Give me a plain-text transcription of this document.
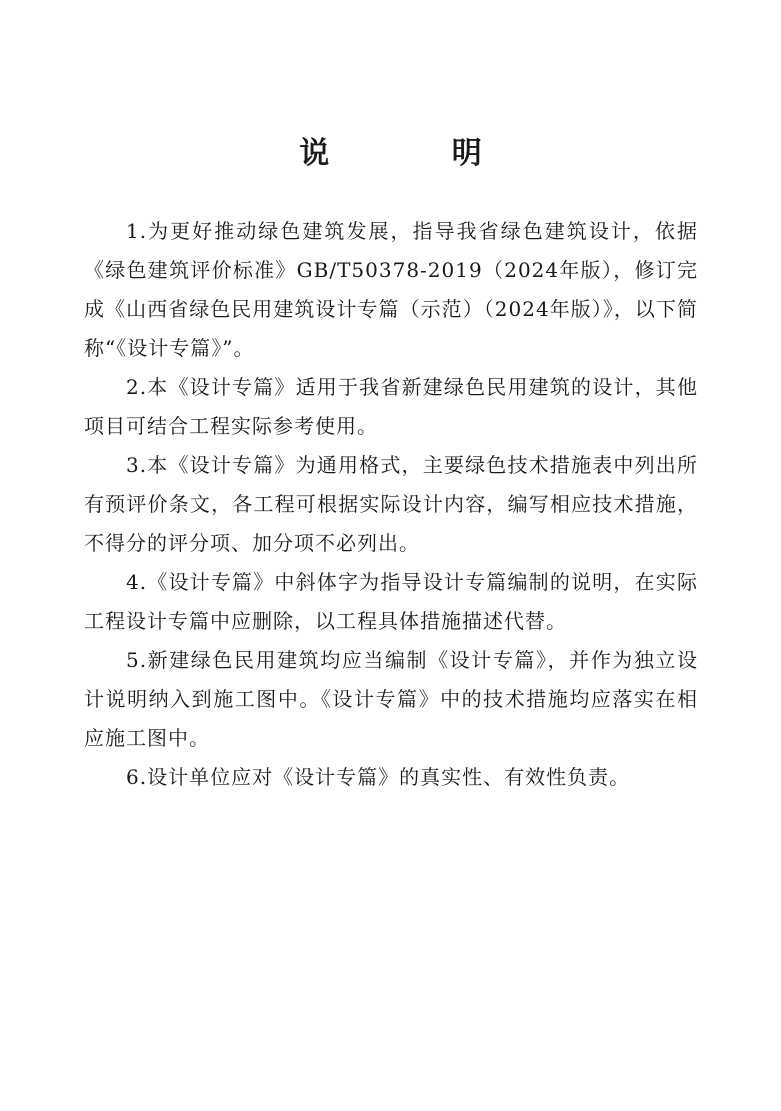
说 明

1.为更好推动绿色建筑发展，指导我省绿色建筑设计，依据《绿色建筑评价标准》GB/T50378-2019（2024年版），修订完成《山西省绿色民用建筑设计专篇（示范）（2024年版）》，以下简称“《设计专篇》”。

2.本《设计专篇》适用于我省新建绿色民用建筑的设计，其他项目可结合工程实际参考使用。

3.本《设计专篇》为通用格式，主要绿色技术措施表中列出所有预评价条文，各工程可根据实际设计内容，编写相应技术措施，不得分的评分项、加分项不必列出。

4.《设计专篇》中斜体字为指导设计专篇编制的说明，在实际工程设计专篇中应删除，以工程具体措施描述代替。

5.新建绿色民用建筑均应当编制《设计专篇》，并作为独立设计说明纳入到施工图中。《设计专篇》中的技术措施均应落实在相应施工图中。

6.设计单位应对《设计专篇》的真实性、有效性负责。
